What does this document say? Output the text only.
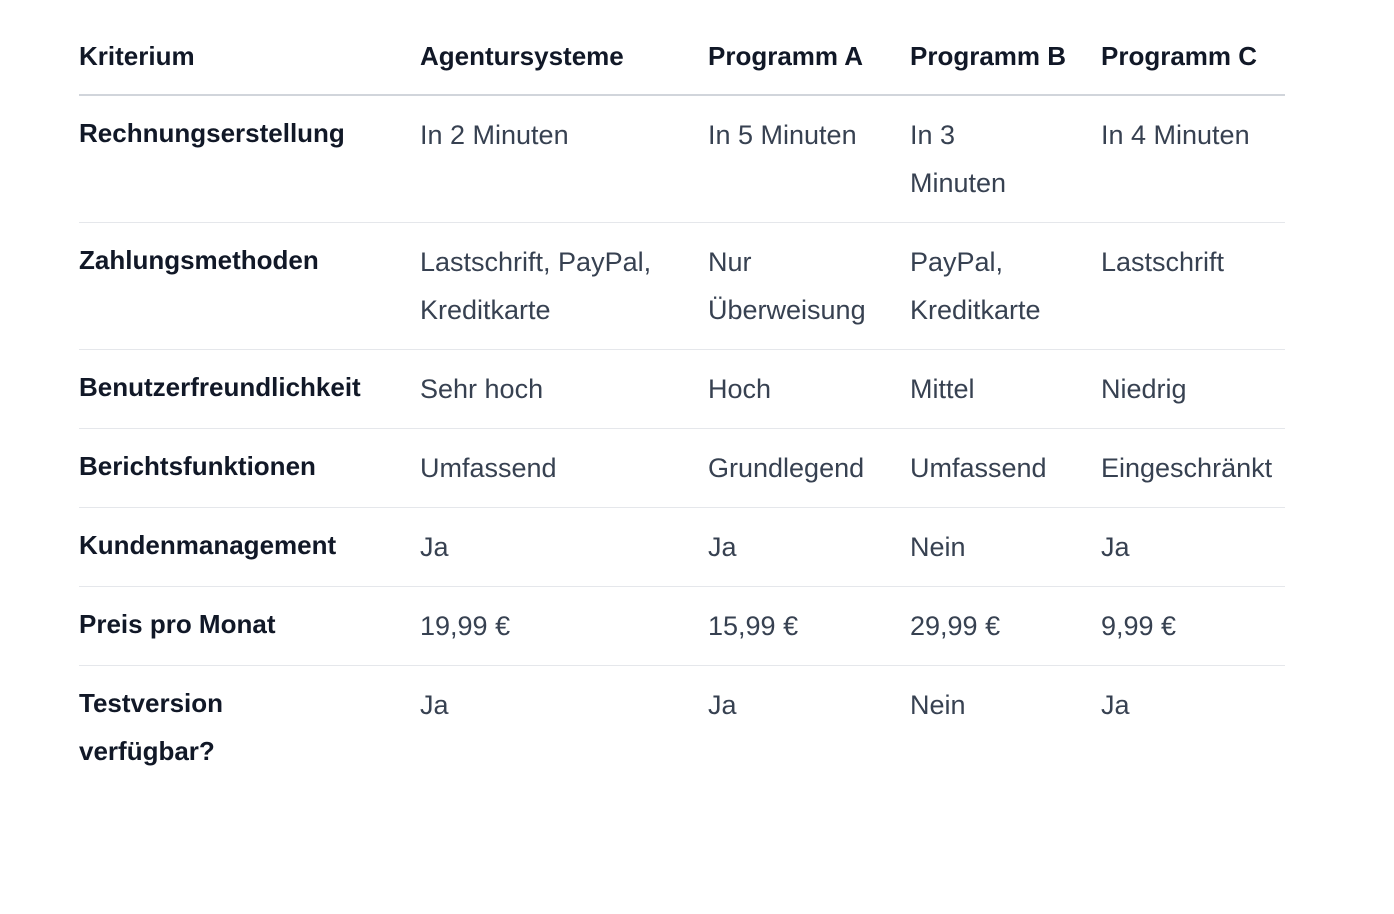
Kriterium	Agentursysteme	Programm A	Programm B	Programm C
Rechnungserstellung	In 2 Minuten	In 5 Minuten	In 3 Minuten	In 4 Minuten
Zahlungsmethoden	Lastschrift, PayPal, Kreditkarte	Nur Überweisung	PayPal, Kreditkarte	Lastschrift
Benutzerfreundlichkeit	Sehr hoch	Hoch	Mittel	Niedrig
Berichtsfunktionen	Umfassend	Grundlegend	Umfassend	Eingeschränkt
Kundenmanagement	Ja	Ja	Nein	Ja
Preis pro Monat	19,99 €	15,99 €	29,99 €	9,99 €
Testversion verfügbar?	Ja	Ja	Nein	Ja
